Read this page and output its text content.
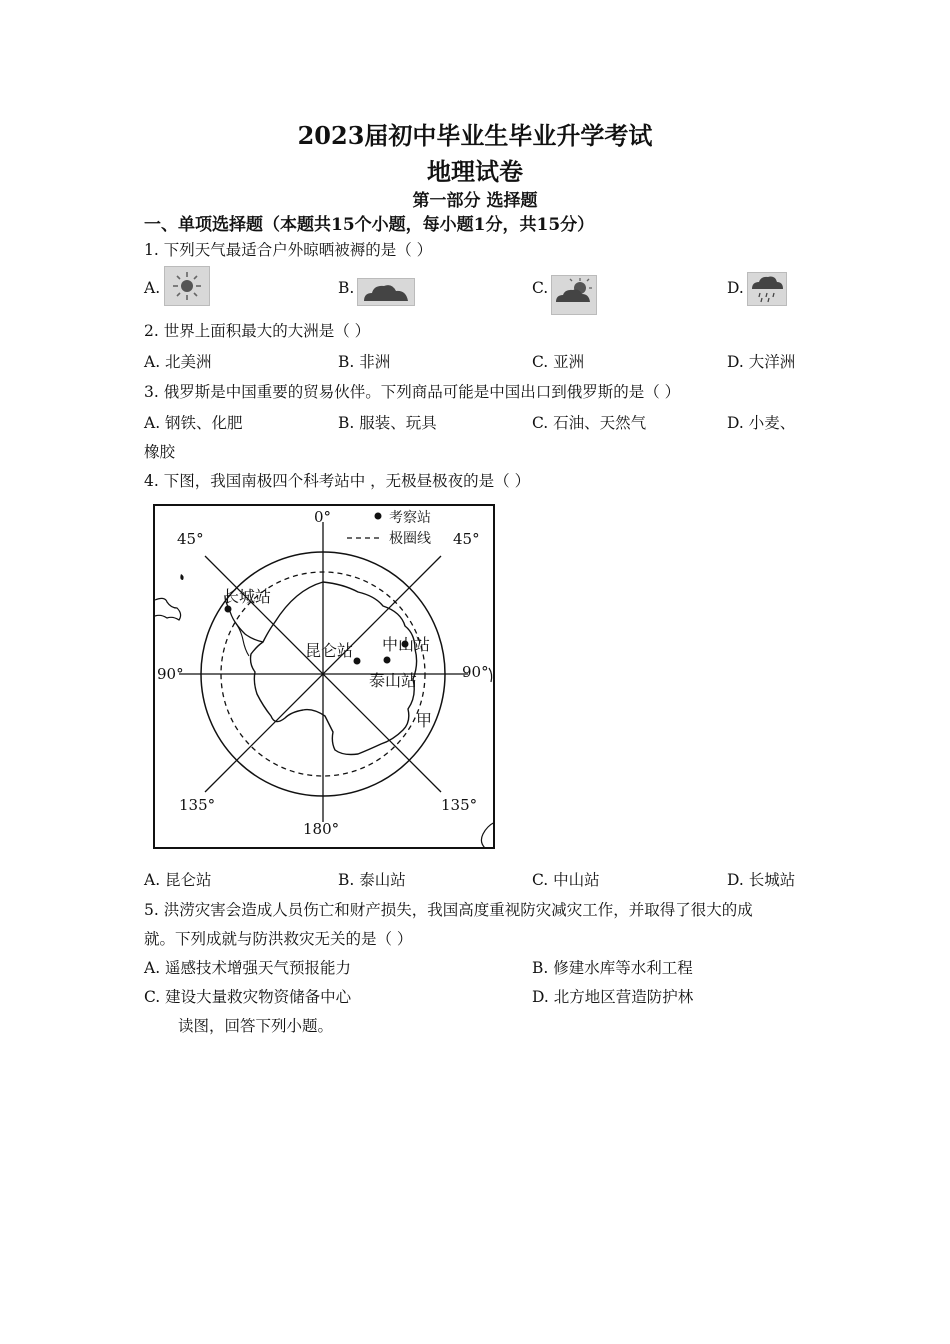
2023届初中毕业生毕业升学考试
地理试卷
第一部分 选择题
一、单项选择题（本题共15个小题，每小题1分，共15分）
1. 下列天气最适合户外晾晒被褥的是（ ）
A.	B.	C.	D.
2. 世界上面积最大的大洲是（ ）
A. 北美洲	B. 非洲	C. 亚洲	D. 大洋洲
3. 俄罗斯是中国重要的贸易伙伴。下列商品可能是中国出口到俄罗斯的是（ ）
A. 钢铁、化肥	B. 服装、玩具	C. 石油、天然气	D. 小麦、
橡胶
4. 下图，我国南极四个科考站中 ，无极昼极夜的是（ ）
0°
45°	45°
90°	90°
135°	135°
180°
考察站
极圈线
长城站
昆仑站 中山站
泰山站
甲
A. 昆仑站	B. 泰山站	C. 中山站	D. 长城站
5. 洪涝灾害会造成人员伤亡和财产损失，我国高度重视防灾减灾工作，并取得了很大的成
就。下列成就与防洪救灾无关的是（ ）
A. 遥感技术增强天气预报能力	B. 修建水库等水利工程
C. 建设大量救灾物资储备中心	D. 北方地区营造防护林
读图，回答下列小题。
